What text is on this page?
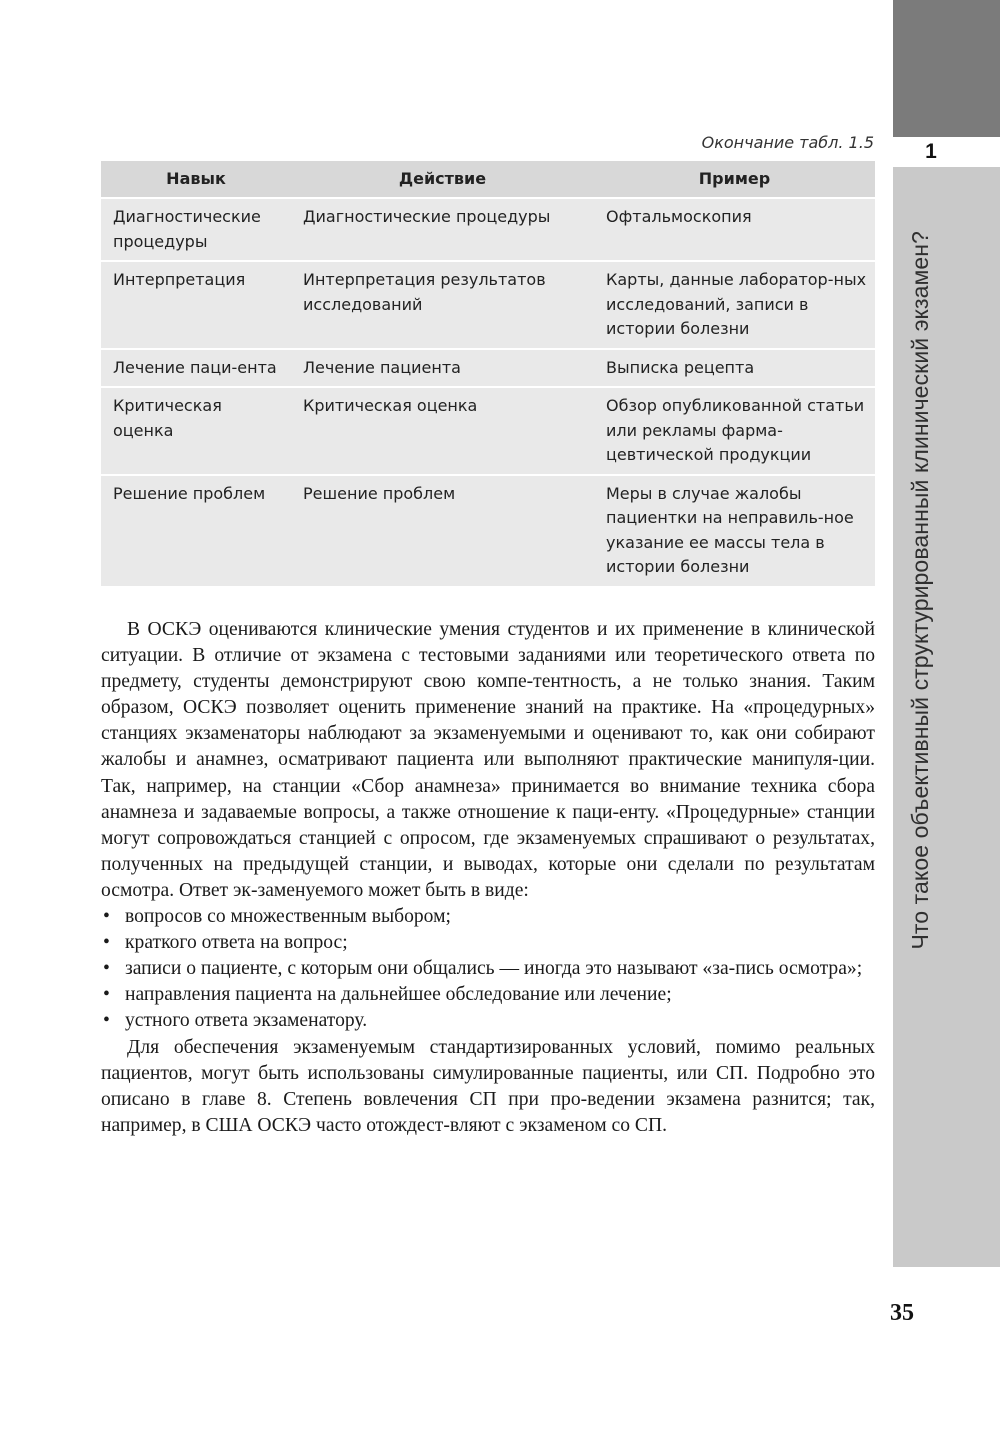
1
Что такое объективный структурированный клинический экзамен?
Окончание табл. 1.5
Навык	Действие	Пример
Диагностические процедуры	Диагностические процедуры	Офтальмоскопия
Интерпретация	Интерпретация результатов исследований	Карты, данные лаборатор-ных исследований, записи в истории болезни
Лечение паци-ента	Лечение пациента	Выписка рецепта
Критическая оценка	Критическая оценка	Обзор опубликованной статьи или рекламы фарма-цевтической продукции
Решение проблем	Решение проблем	Меры в случае жалобы пациентки на неправиль-ное указание ее массы тела в истории болезни

В ОСКЭ оцениваются клинические умения студентов и их применение в клинической ситуации. В отличие от экзамена с тестовыми заданиями или теоретического ответа по предмету, студенты демонстрируют свою компе-тентность, а не только знания. Таким образом, ОСКЭ позволяет оценить применение знаний на практике. На «процедурных» станциях экзаменаторы наблюдают за экзаменуемыми и оценивают то, как они собирают жалобы и анамнез, осматривают пациента или выполняют практические манипуля-ции. Так, например, на станции «Сбор анамнеза» принимается во внимание техника сбора анамнеза и задаваемые вопросы, а также отношение к паци-енту. «Процедурные» станции могут сопровождаться станцией с опросом, где экзаменуемых спрашивают о результатах, полученных на предыдущей станции, и выводах, которые они сделали по результатам осмотра. Ответ эк-заменуемого может быть в виде:

• вопросов со множественным выбором;
• краткого ответа на вопрос;
• записи о пациенте, с которым они общались — иногда это называют «за-пись осмотра»;
• направления пациента на дальнейшее обследование или лечение;
• устного ответа экзаменатору.

Для обеспечения экзаменуемым стандартизированных условий, помимо реальных пациентов, могут быть использованы симулированные пациенты, или СП. Подробно это описано в главе 8. Степень вовлечения СП при про-ведении экзамена разнится; так, например, в США ОСКЭ часто отождест-вляют с экзаменом со СП.

35
